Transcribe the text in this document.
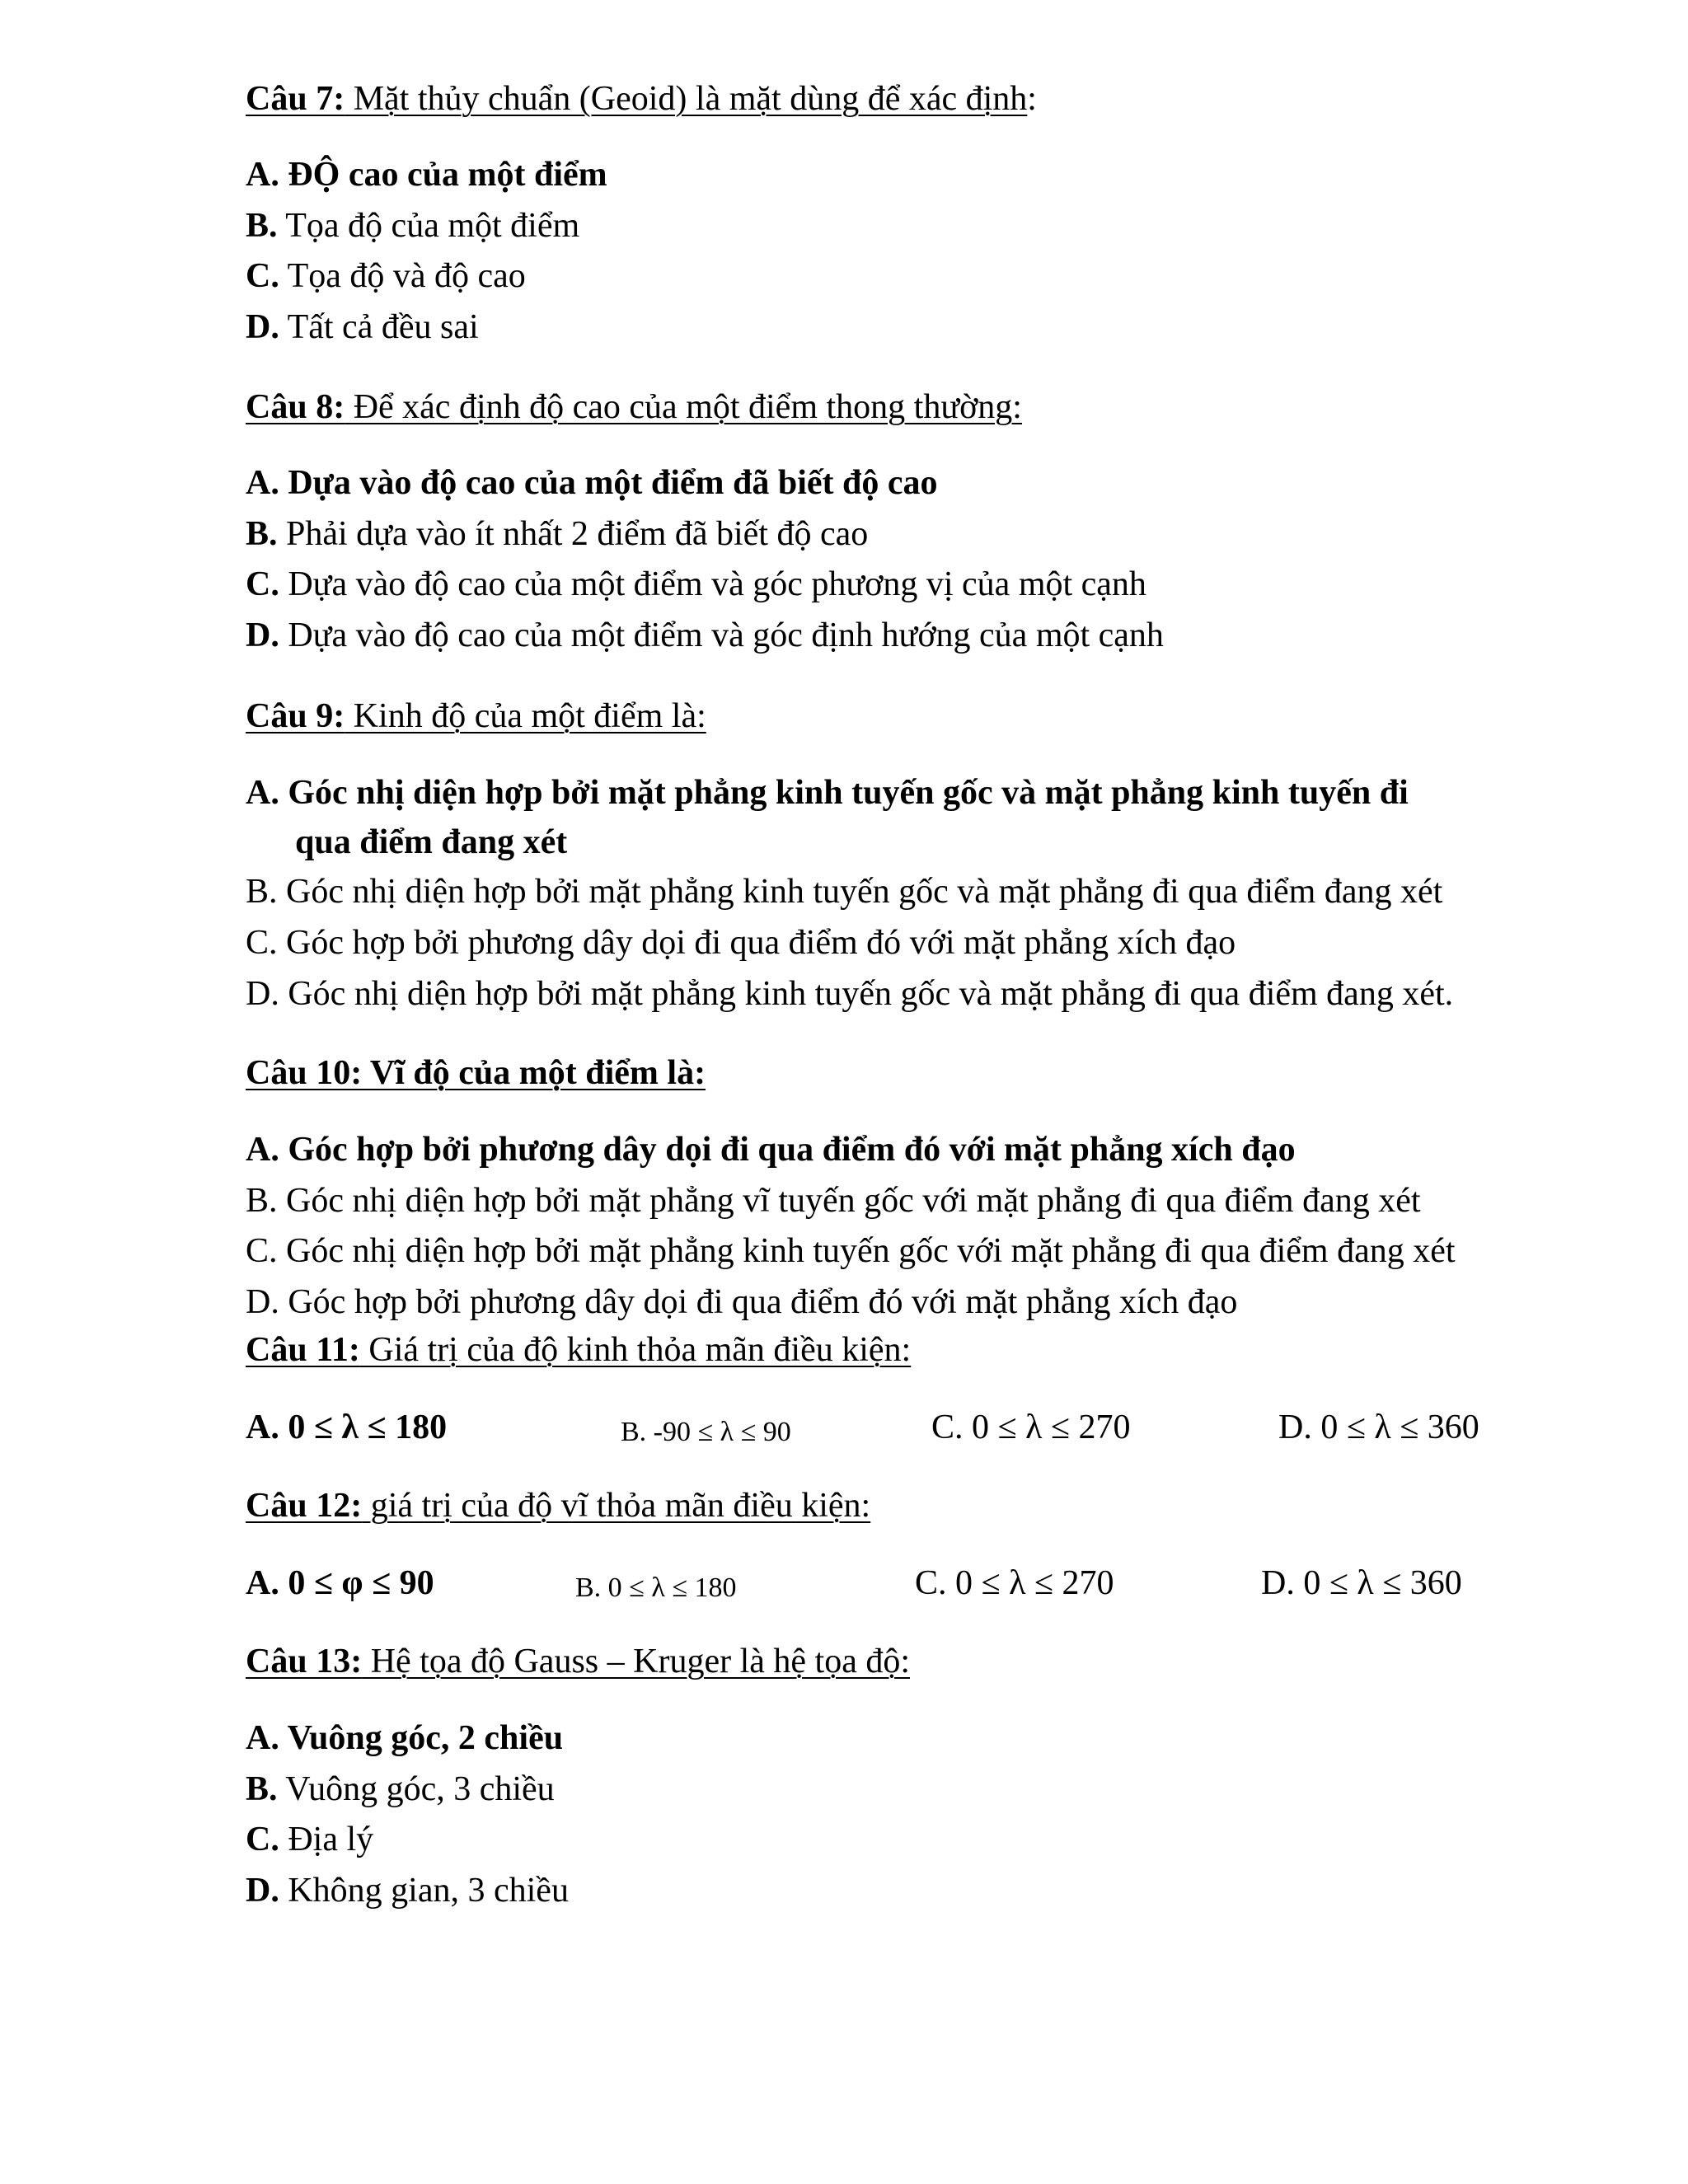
Câu 7: Mặt thủy chuẩn (Geoid) là mặt dùng để xác định:
A. ĐỘ cao của một điểm
B. Tọa độ của một điểm
C. Tọa độ và độ cao
D. Tất cả đều sai
Câu 8: Để xác định độ cao của một điểm thong thường:
A. Dựa vào độ cao của một điểm đã biết độ cao
B. Phải dựa vào ít nhất 2 điểm đã biết độ cao
C. Dựa vào độ cao của một điểm và góc phương vị của một cạnh
D. Dựa vào độ cao của một điểm và góc định hướng của một cạnh
Câu 9: Kinh độ của một điểm là:
A. Góc nhị diện hợp bởi mặt phẳng kinh tuyến gốc và mặt phẳng kinh tuyến đi
qua điểm đang xét
B. Góc nhị diện hợp bởi mặt phẳng kinh tuyến gốc và mặt phẳng đi qua điểm đang xét
C. Góc hợp bởi phương dây dọi đi qua điểm đó với mặt phẳng xích đạo
D. Góc nhị diện hợp bởi mặt phẳng kinh tuyến gốc và mặt phẳng đi qua điểm đang xét.
Câu 10: Vĩ độ của một điểm là:
A. Góc hợp bởi phương dây dọi đi qua điểm đó với mặt phẳng xích đạo
B. Góc nhị diện hợp bởi mặt phẳng vĩ tuyến gốc với mặt phẳng đi qua điểm đang xét
C. Góc nhị diện hợp bởi mặt phẳng kinh tuyến gốc với mặt phẳng đi qua điểm đang xét
D. Góc hợp bởi phương dây dọi đi qua điểm đó với mặt phẳng xích đạo
Câu 11: Giá trị của độ kinh thỏa mãn điều kiện:
A. 0 ≤ λ ≤ 180	B. -90 ≤ λ ≤ 90	C. 0 ≤ λ ≤ 270	D. 0 ≤ λ ≤ 360
Câu 12: giá trị của độ vĩ thỏa mãn điều kiện:
A. 0 ≤ φ ≤ 90	B. 0 ≤ λ ≤ 180	C. 0 ≤ λ ≤ 270	D. 0 ≤ λ ≤ 360
Câu 13: Hệ tọa độ Gauss – Kruger là hệ tọa độ:
A. Vuông góc, 2 chiều
B. Vuông góc, 3 chiều
C. Địa lý
D. Không gian, 3 chiều
